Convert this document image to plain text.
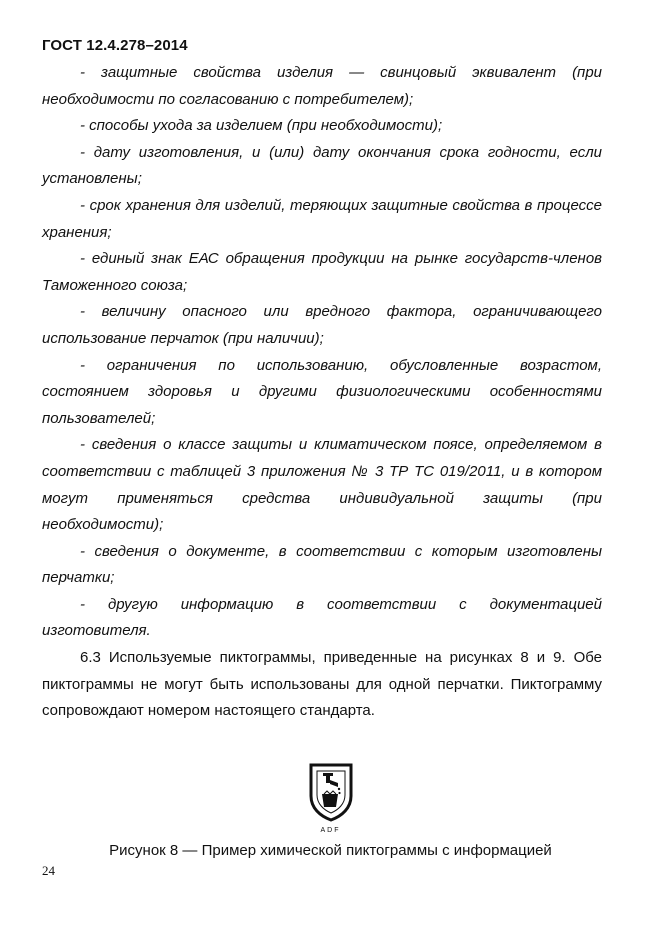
ГОСТ 12.4.278–2014

- защитные свойства изделия — свинцовый эквивалент (при необходимости по согласованию с потребителем);

- способы ухода за изделием (при необходимости);

- дату изготовления, и (или) дату окончания срока годности, если установлены;

- срок хранения для изделий, теряющих защитные свойства в процессе хранения;

- единый знак ЕАС обращения продукции на рынке государств-членов Таможенного союза;

- величину опасного или вредного фактора, ограничивающего использование перчаток (при наличии);

- ограничения по использованию, обусловленные возрастом, состоянием здоровья и другими физиологическими особенностями пользователей;

- сведения о классе защиты и климатическом поясе, определяемом в соответствии с таблицей 3 приложения № 3 ТР ТС 019/2011, и в котором могут применяться средства индивидуальной защиты (при необходимости);

- сведения о документе, в соответствии с которым изготовлены перчатки;

- другую информацию в соответствии с документацией изготовителя.

6.3 Используемые пиктограммы, приведенные на рисунках 8 и 9. Обе пиктограммы не могут быть использованы для одной перчатки. Пиктограмму сопровождают номером настоящего стандарта.

ADF
Рисунок 8 — Пример химической пиктограммы с информацией
24
